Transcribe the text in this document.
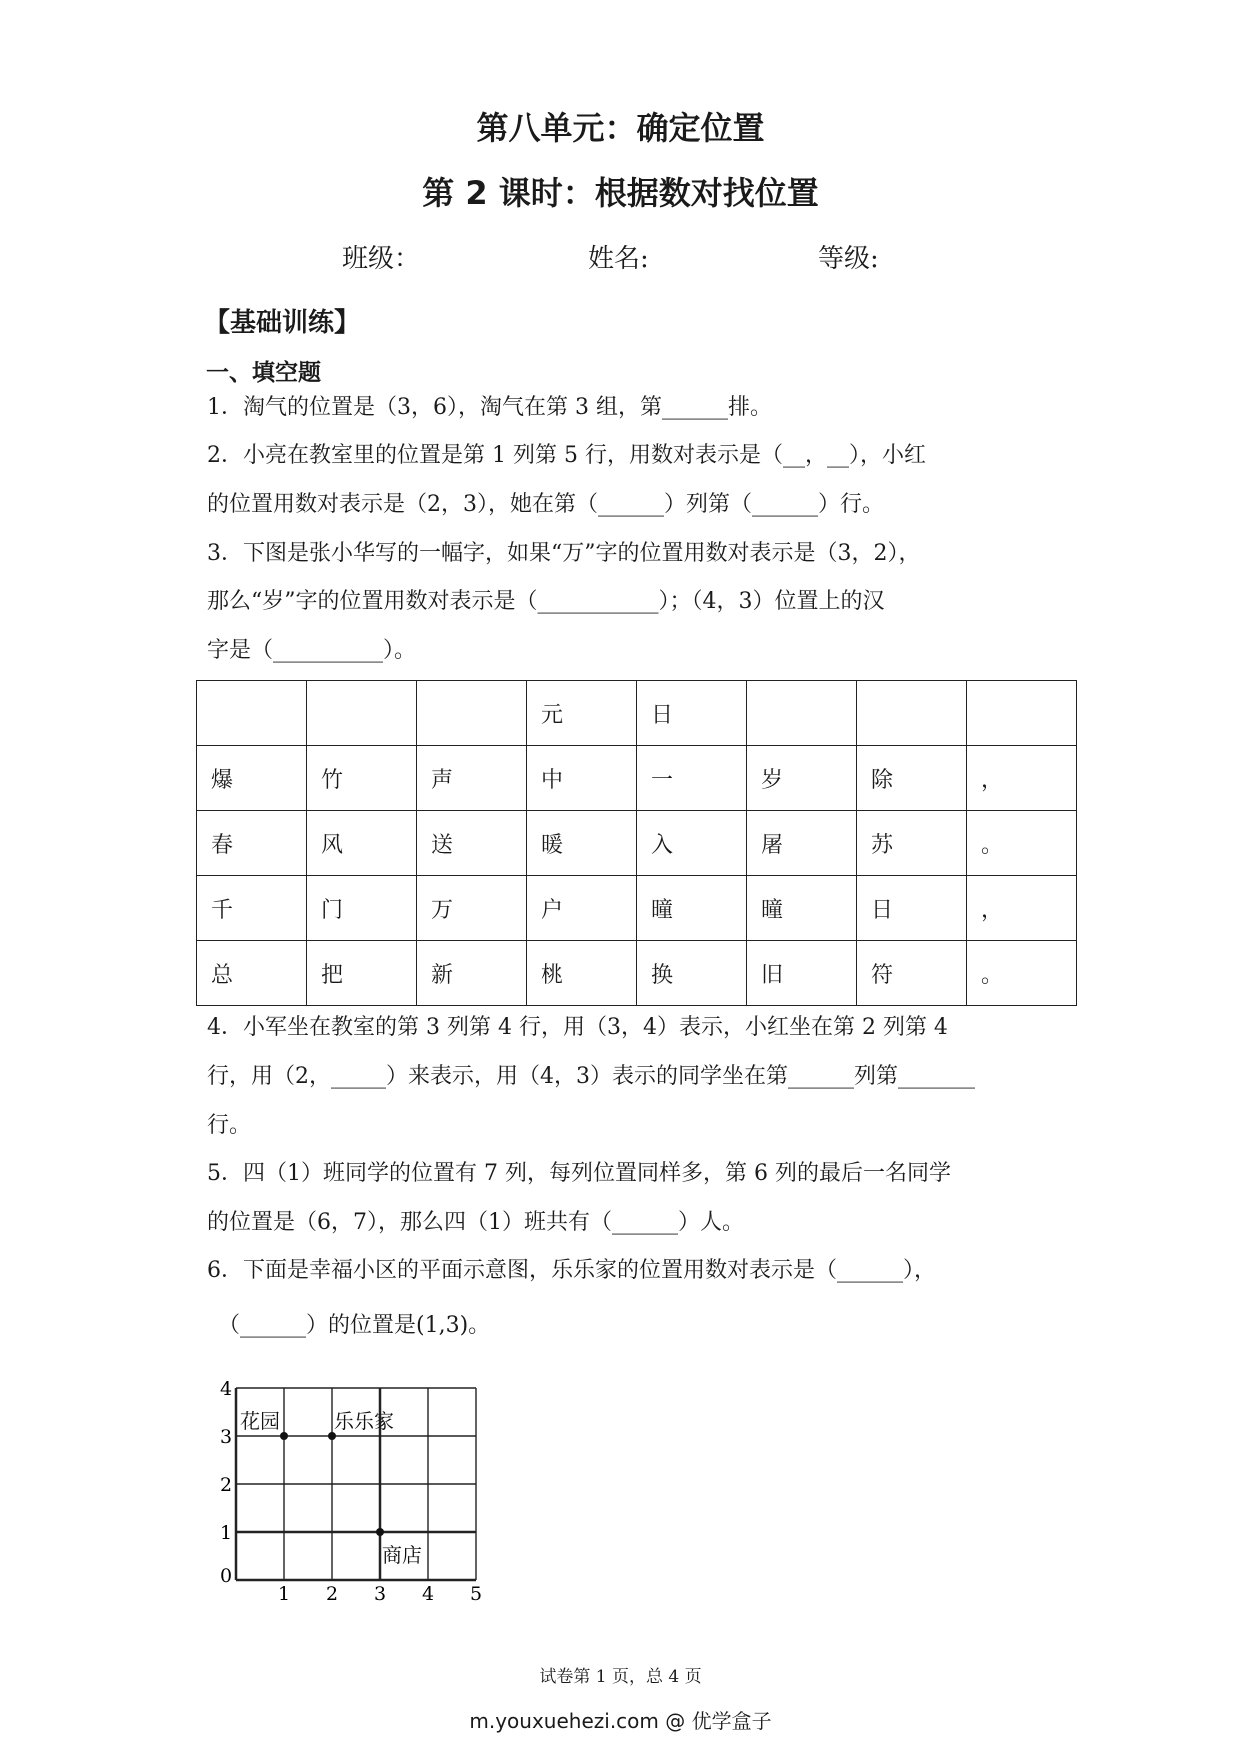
第八单元：确定位置
第 2 课时：根据数对找位置
班级：	姓名:	等级:
【基础训练】
一、填空题
1．淘气的位置是（3，6），淘气在第 3 组，第______排。
2．小亮在教室里的位置是第 1 列第 5 行，用数对表示是（__，__），小红
的位置用数对表示是（2，3），她在第（______）列第（______）行。
3．下图是张小华写的一幅字，如果“万”字的位置用数对表示是（3，2），
那么“岁”字的位置用数对表示是（___________）；（4，3）位置上的汉
字是（__________）。
			元	日			
爆	竹	声	中	一	岁	除	，
春	风	送	暖	入	屠	苏	。
千	门	万	户	曈	曈	日	，
总	把	新	桃	换	旧	符	。
4．小军坐在教室的第 3 列第 4 行，用（3，4）表示，小红坐在第 2 列第 4
行，用（2，_____）来表示，用（4，3）表示的同学坐在第______列第_______
行。
5．四（1）班同学的位置有 7 列，每列位置同样多，第 6 列的最后一名同学
的位置是（6，7），那么四（1）班共有（______）人。
6．下面是幸福小区的平面示意图，乐乐家的位置用数对表示是（______），
（______）的位置是(1,3)。
0
1 2 3 4 5
1
2
3
4
花园	乐乐家
商店
试卷第 1 页，总 4 页
m.youxuehezi.com @ 优学盒子
